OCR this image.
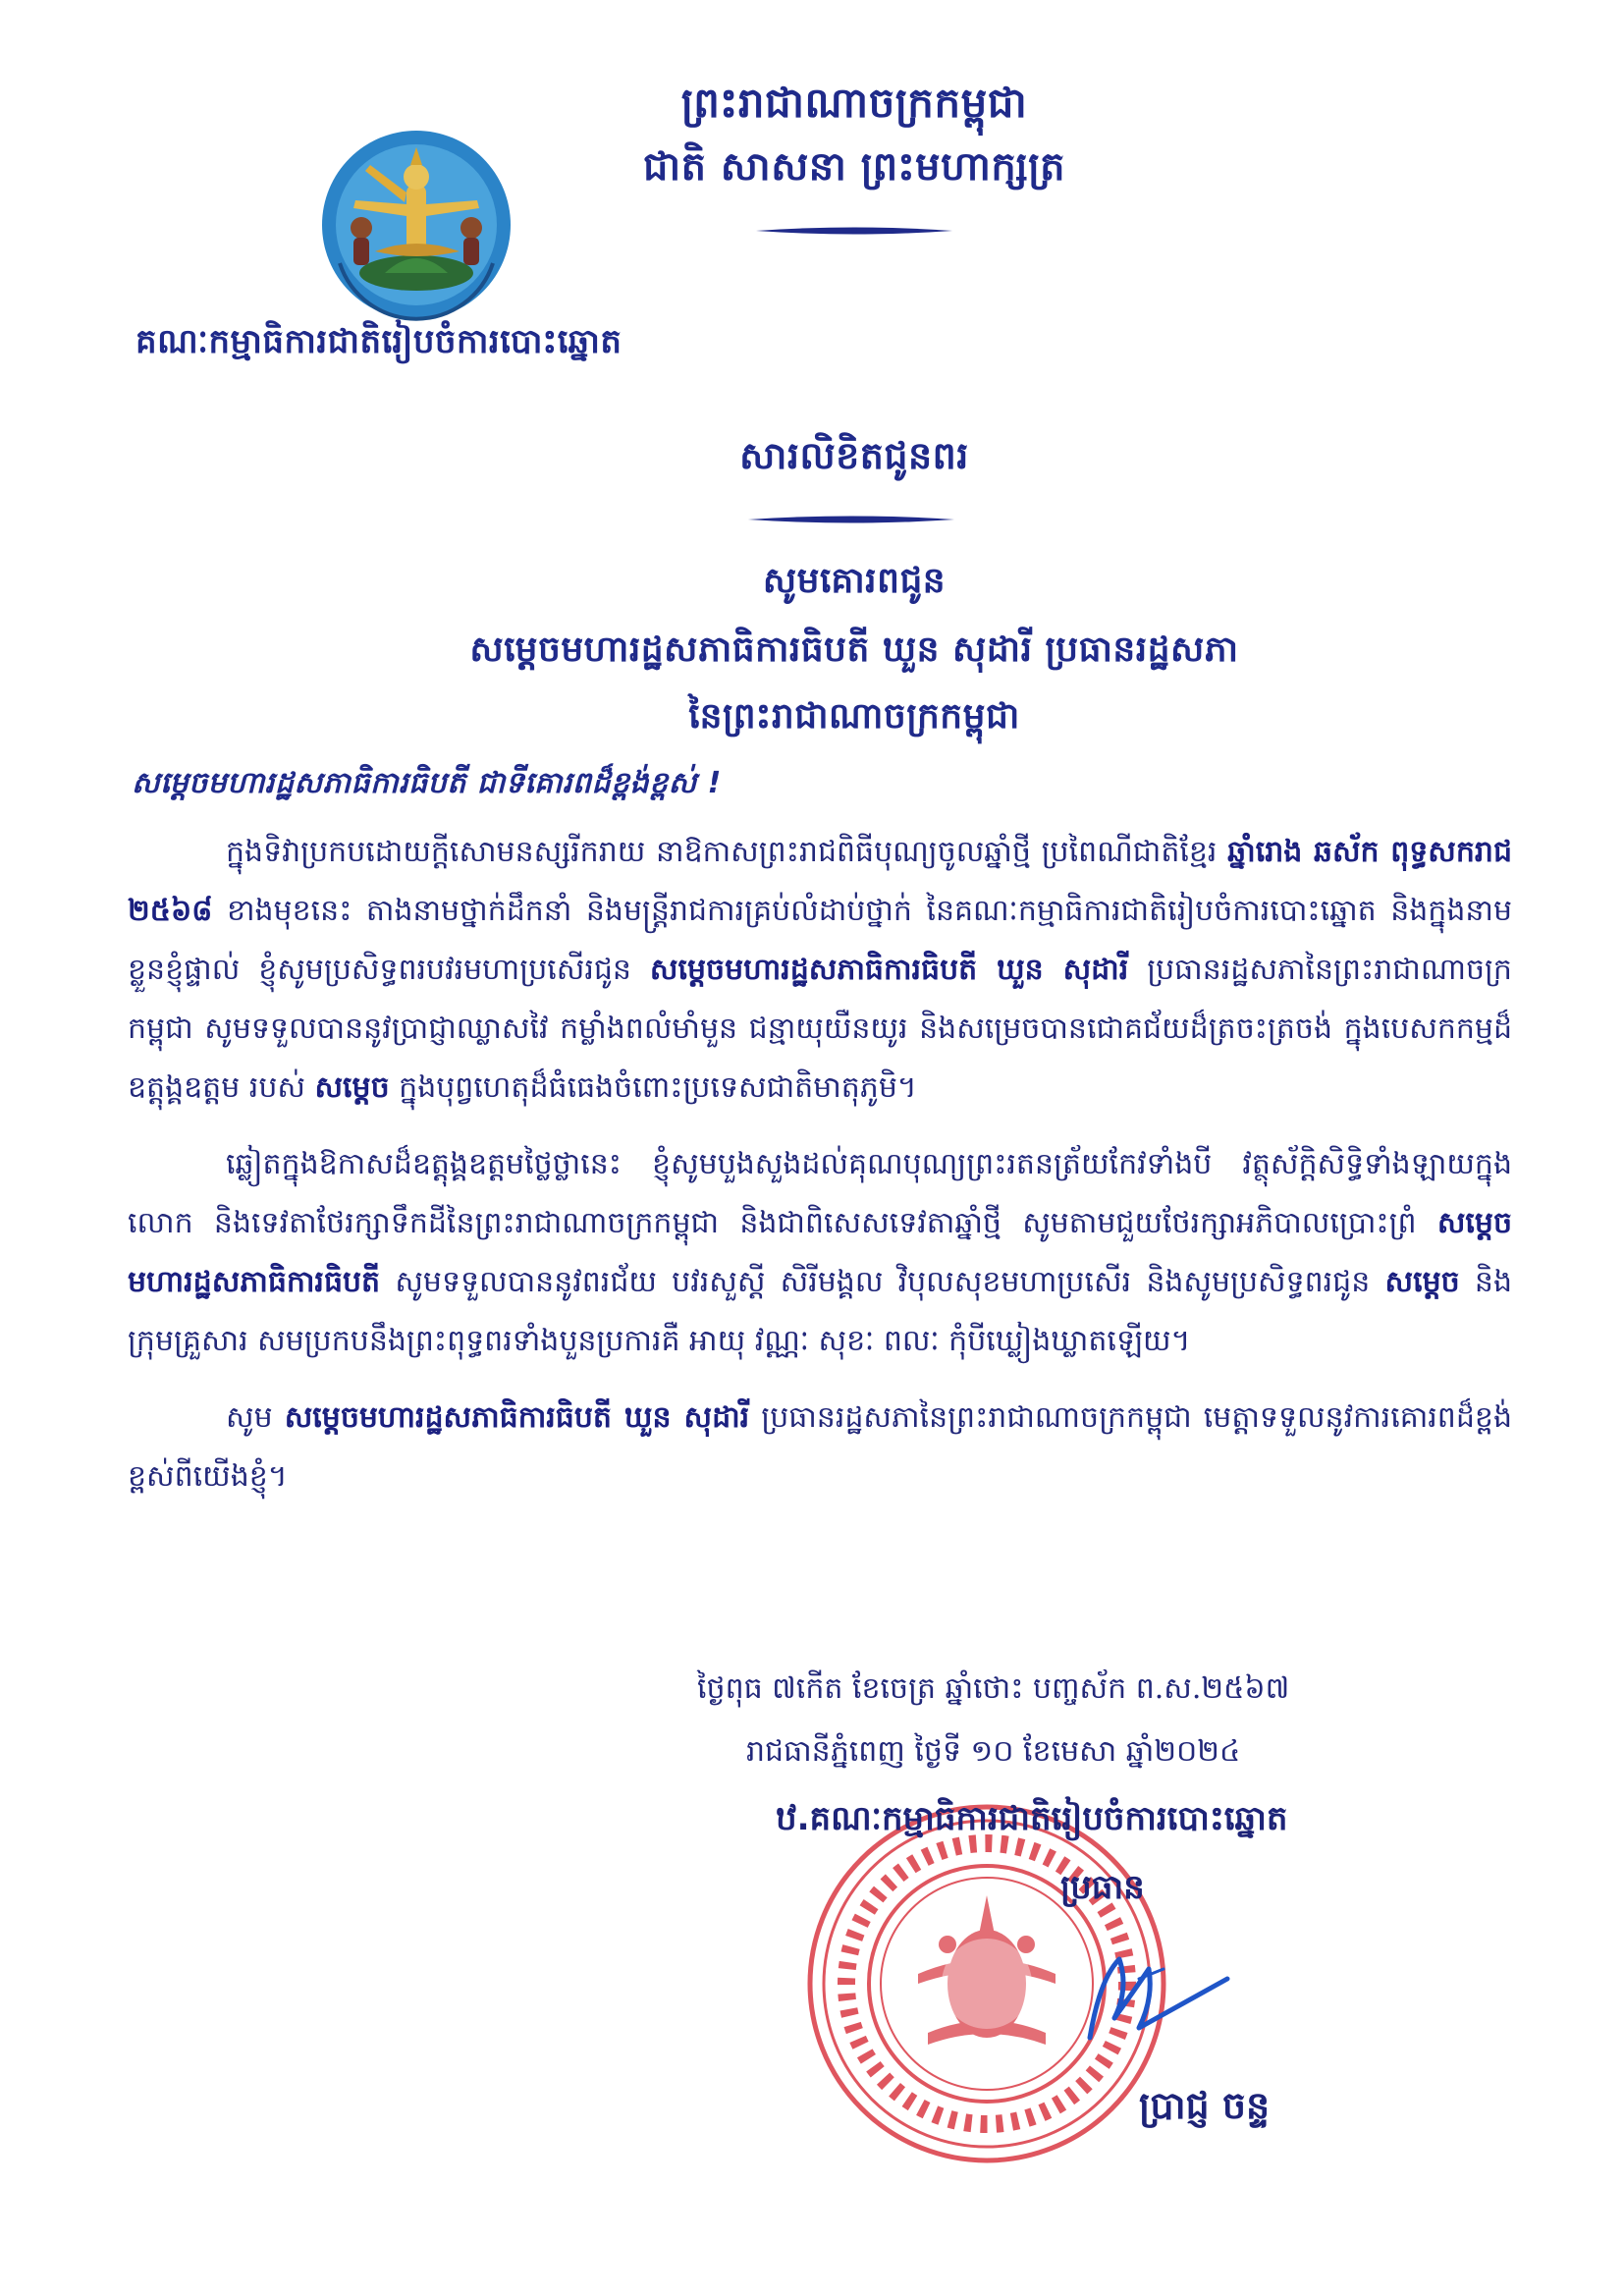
ព្រះរាជាណាចក្រកម្ពុជា
ជាតិ សាសនា ព្រះមហាក្សត្រ
គណៈកម្មាធិការជាតិរៀបចំការបោះឆ្នោត
សារលិខិតជូនពរ
សូមគោរពជូន
សម្តេចមហារដ្ឋសភាធិការធិបតី ឃួន សុដារី ប្រធានរដ្ឋសភា
នៃព្រះរាជាណាចក្រកម្ពុជា
សម្តេចមហារដ្ឋសភាធិការធិបតី ជាទីគោរពដ៏ខ្ពង់ខ្ពស់ !

ក្នុងទិវាប្រកបដោយក្តីសោមនស្សរីករាយ នាឱកាសព្រះរាជពិធីបុណ្យចូលឆ្នាំថ្មី ប្រពៃណីជាតិខ្មែរ ឆ្នាំរោង ឆស័ក ពុទ្ធសករាជ ២៥៦៨ ខាងមុខនេះ តាងនាមថ្នាក់ដឹកនាំ និងមន្ត្រីរាជការគ្រប់លំដាប់ថ្នាក់ នៃគណៈកម្មាធិការជាតិរៀបចំការបោះឆ្នោត និងក្នុងនាមខ្លួនខ្ញុំផ្ទាល់ ខ្ញុំសូមប្រសិទ្ធពរបវរមហាប្រសើរជូន សម្តេចមហារដ្ឋសភាធិការធិបតី ឃួន សុដារី ប្រធានរដ្ឋសភានៃព្រះរាជាណាចក្រកម្ពុជា សូមទទួលបាននូវប្រាជ្ញាឈ្លាសវៃ កម្លាំងពលំមាំមួន ជន្មាយុយឺនយូរ និងសម្រេចបានជោគជ័យដ៏ត្រចះត្រចង់ ក្នុងបេសកកម្មដ៏ឧត្តុង្គឧត្តម របស់ សម្តេច ក្នុងបុព្វហេតុដ៏ធំធេងចំពោះប្រទេសជាតិមាតុភូមិ។

ឆ្លៀតក្នុងឱកាសដ៏ឧត្តុង្គឧត្តមថ្លៃថ្លានេះ ខ្ញុំសូមបួងសួងដល់គុណបុណ្យព្រះរតនត្រ័យកែវទាំងបី វត្ថុស័ក្តិសិទ្ធិទាំងឡាយក្នុងលោក និងទេវតាថែរក្សាទឹកដីនៃព្រះរាជាណាចក្រកម្ពុជា និងជាពិសេសទេវតាឆ្នាំថ្មី សូមតាមជួយថែរក្សាអភិបាលប្រោះព្រំ សម្តេចមហារដ្ឋសភាធិការធិបតី សូមទទួលបាននូវពរជ័យ បវរសួស្តី សិរីមង្គល វិបុលសុខមហាប្រសើរ និងសូមប្រសិទ្ធពរជូន សម្តេច និងក្រុមគ្រួសារ សមប្រកបនឹងព្រះពុទ្ធពរទាំងបួនប្រការគឺ អាយុ វណ្ណៈ សុខៈ ពលៈ កុំបីឃ្លៀងឃ្លាតឡើយ។

សូម សម្តេចមហារដ្ឋសភាធិការធិបតី ឃួន សុដារី ប្រធានរដ្ឋសភានៃព្រះរាជាណាចក្រកម្ពុជា មេត្តាទទួលនូវការគោរពដ៏ខ្ពង់ខ្ពស់ពីយើងខ្ញុំ។

ថ្ងៃពុធ ៧កើត ខែចេត្រ ឆ្នាំថោះ បញ្ចស័ក ព.ស.២៥៦៧
រាជធានីភ្នំពេញ ថ្ងៃទី ១០ ខែមេសា ឆ្នាំ២០២៤
ឋ.គណៈកម្មាធិការជាតិរៀបចំការបោះឆ្នោត
ប្រធាន
ប្រាជ្ញ ចន្ទ
